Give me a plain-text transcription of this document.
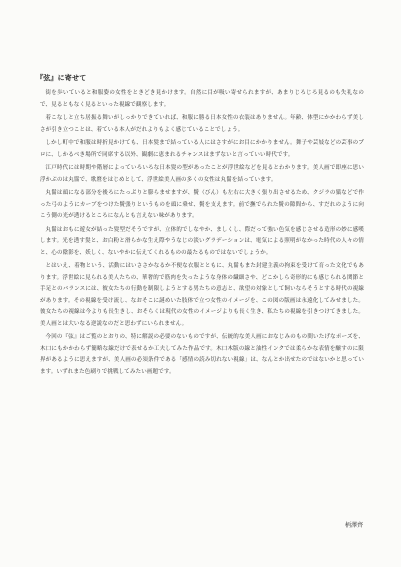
『弦』に寄せて

街を歩いていると和服姿の女性をときどき見かけます。自然に目が吸い寄せられますが、あまりじろじろ見るのも失礼なので、見るともなく見るといった視線で観察します。

着こなしと立ち居振る舞いがしっかりできていれば、和服に勝る日本女性の衣装はありません。年齢、体型にかかわらず美しさが引き立つことは、着ている本人がだれよりもよく感じていることでしょう。

しかし町中で和服は時折見かけても、日本髪まで結っている人にはさすがにお目にかかりません。舞子や芸妓などの芸事のプロに、しかるべき場所で同席する以外、観劇に恵まれるチャンスはまずないと言っていい時代です。

江戸時代には時期や階層によっていろいろな日本髪の型があったことが浮世絵などを見るとわかります。美人画で即座に思い浮かぶのは丸髷で、歌麿をはじめとして、浮世絵美人画の多くの女性は丸髷を結っています。

丸髷は頭になる部分を後ろにたっぷりと膨らませますが、鬢（びん）も左右に大きく張り出させるため、クジラの鬚などで作った弓のようにカーブをつけた鬢張りというものを頭に乗せ、鬢を支えます。前で撫でられた鬢の隙間から、すだれのように向こう側の光が透けるところになんとも言えない味があります。

丸髷はおもに遊女が結った髪型だそうですが、立体的でしなやか、ましくし、際だって強い色気を感じさせる造形の妙に感嘆します。光を透す髪と、お白粉と滑らかな生え際やうなじの淡いグラデーションは、電気による照明がなかった時代の人々の情と、心の陰影を、妖しく、ないやかに伝えてくれるものの最たるものではないでしょうか。

とはいえ、着物という、活動にはいささかなるか不便な衣服とともに、丸髷もまた封建主義の拘束を受けて育った文化でもあります。浮世絵に見られる美人たちの、華奢的で筋肉を失ったような身体の繊細さや、どこかしら奇形的にも感じられる関節と手足とのバランスには、彼女たちの行動を制限しようとする男たちの意志と、欲望の対象として飼いならそうとする時代の視線があります。その視線を受け流し、なおそこに謎めいた肢体で立つ女性のイメージを、この図の版画は永遠化してみせました。彼女たちの視線は今よりも長生きし、おそらくは現代の女性のイメージよりも長く生き、私たちの視線を引きつけてきました。美人画とは大いなる逆説なのだと思わずにいられません。

今回の『弦』はご覧のとおりの、特に解説の必要のないものですが、伝統的な美人画におなじみのもの間いたげなポーズを、木口にもかかわらず簡略な線だけで表せるか工夫してみた作品です。木口木版の線と油性インクでは柔らかな表情を醸すのに限界があるように思えますが、美人画の必須条件である「感情の読み切れない視線」は、なんとか出せたのではないかと思っています。いずれまた色刷りで挑戦してみたい画題です。

柄澤齊
